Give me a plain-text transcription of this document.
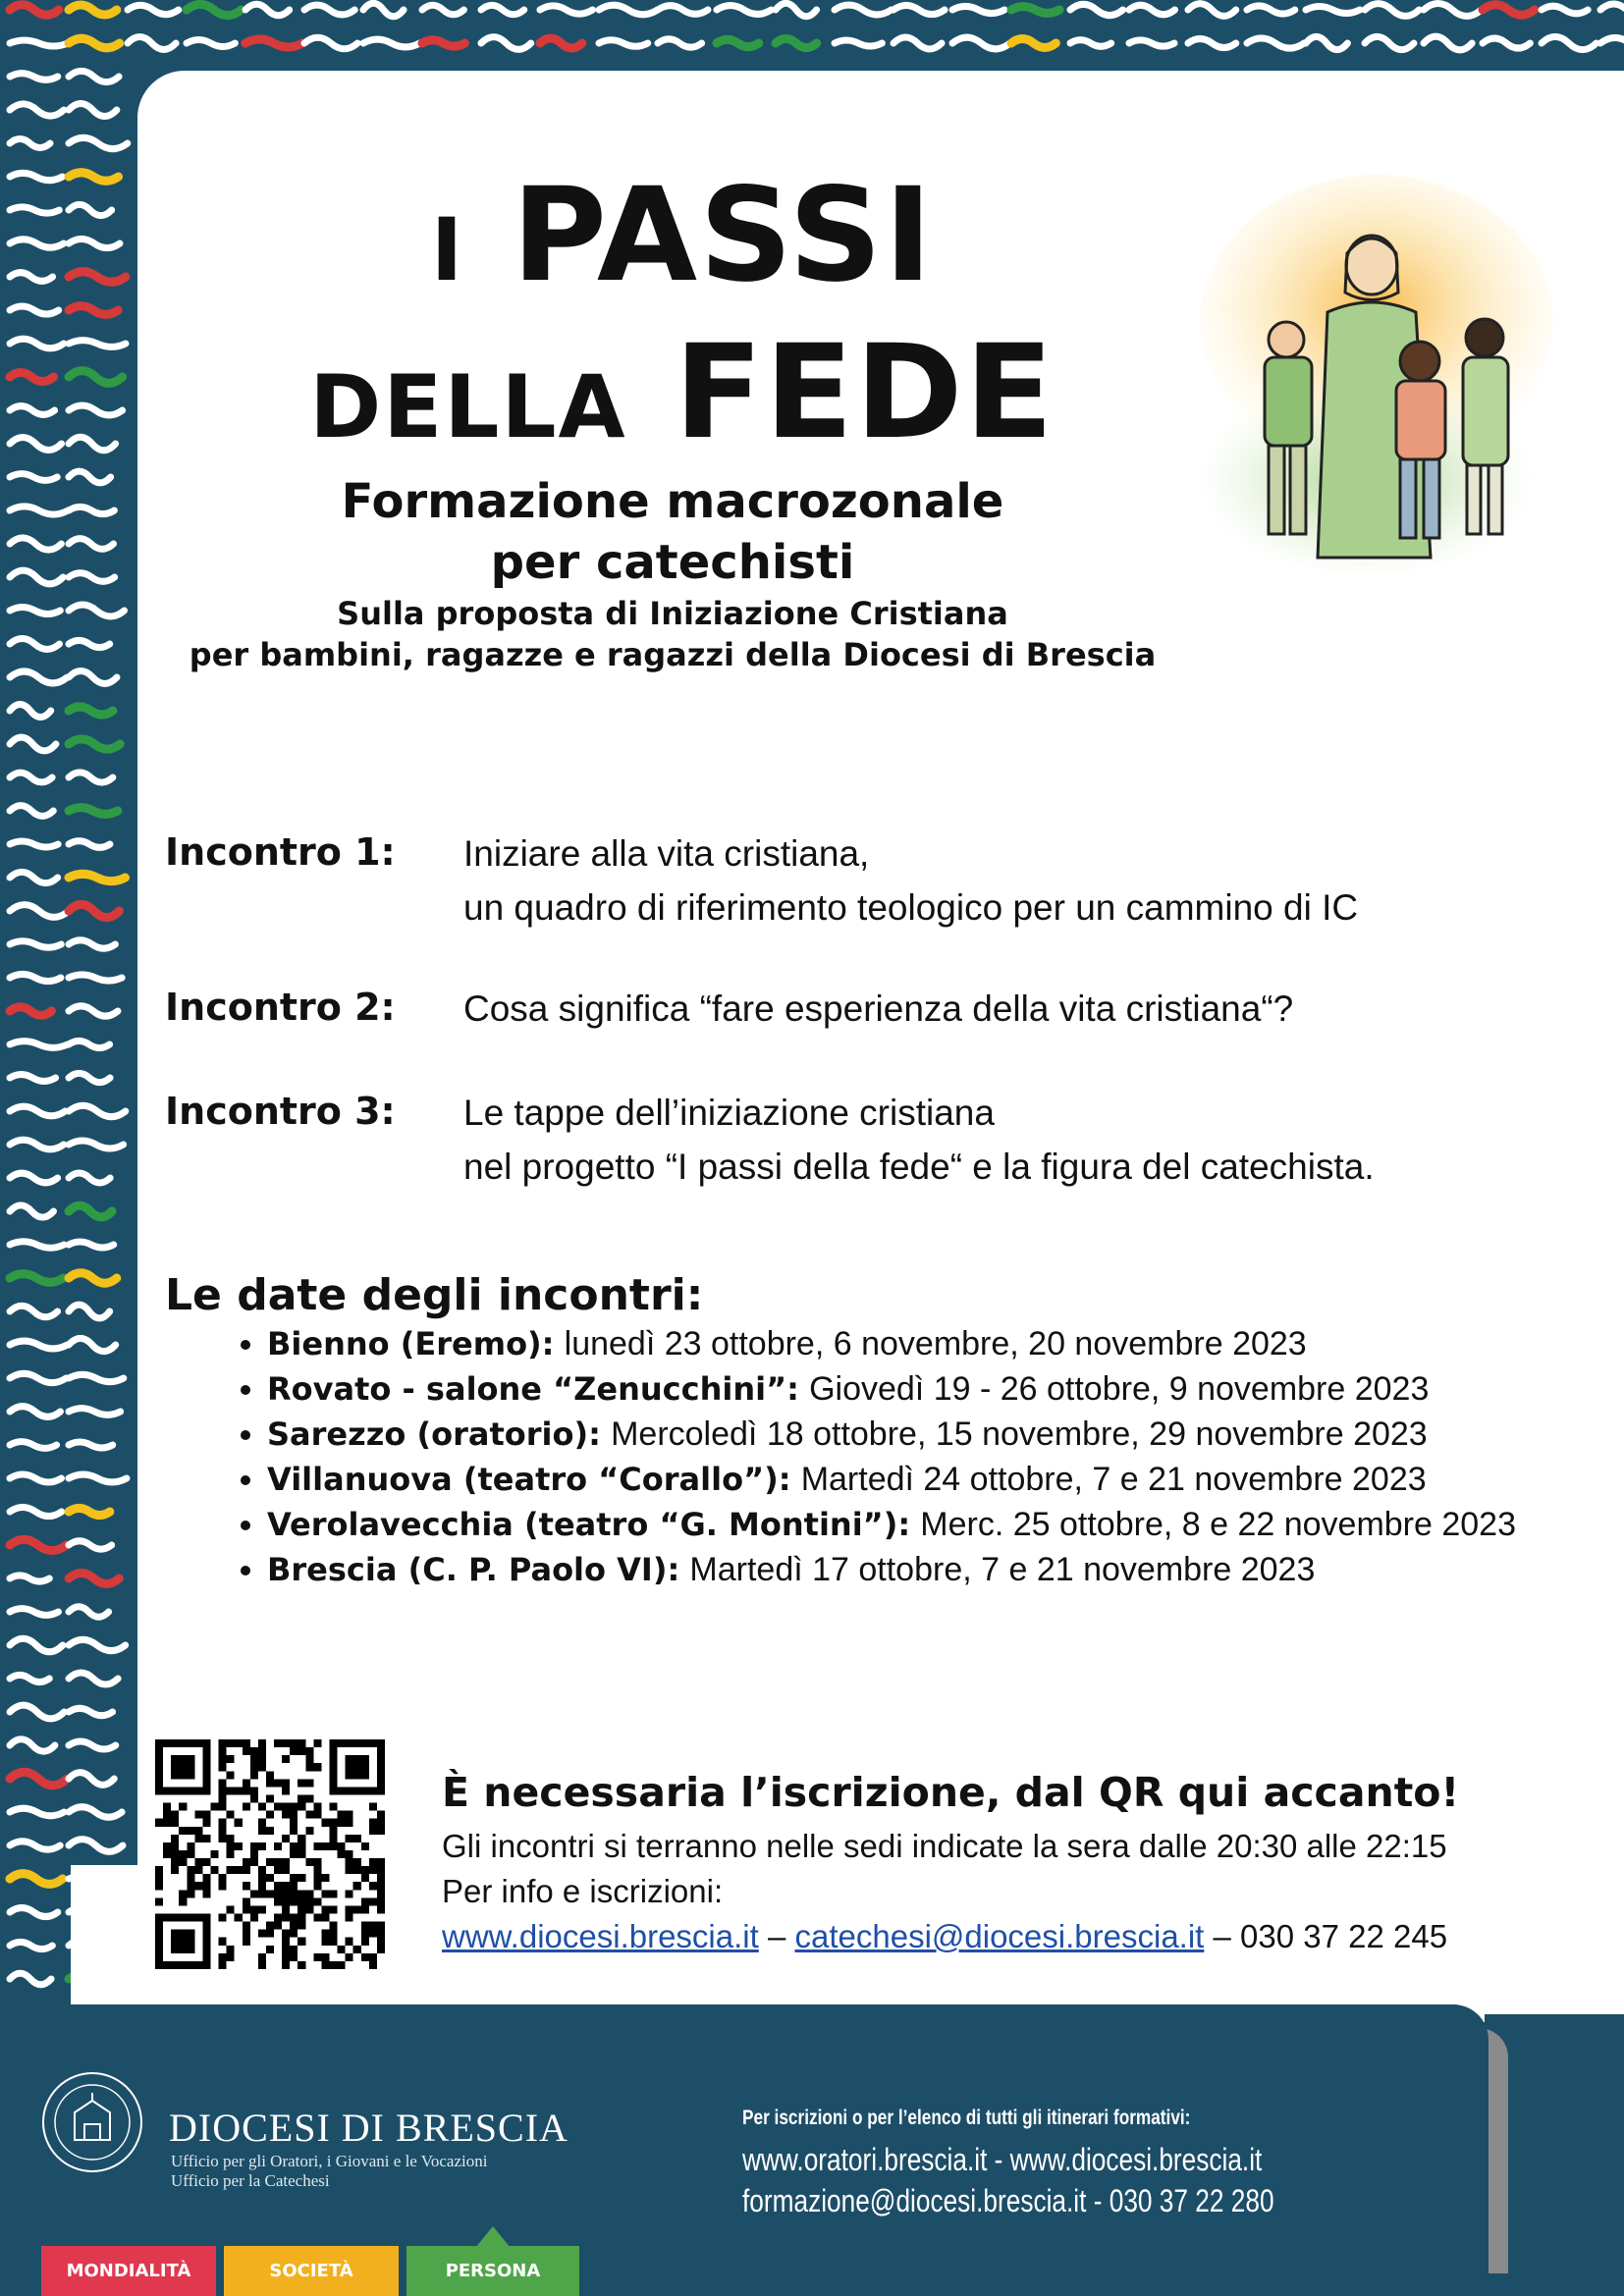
I PASSI
DELLA FEDE
Formazione macrozonale
per catechisti
Sulla proposta di Iniziazione Cristiana
per bambini, ragazze e ragazzi della Diocesi di Brescia
Incontro 1: Iniziare alla vita cristiana,
un quadro di riferimento teologico per un cammino di IC
Incontro 2: Cosa significa “fare esperienza della vita cristiana“?
Incontro 3: Le tappe dell’iniziazione cristiana
nel progetto “I passi della fede“ e la figura del catechista.
Le date degli incontri:
• Bienno (Eremo): lunedì 23 ottobre, 6 novembre, 20 novembre 2023
• Rovato - salone “Zenucchini”: Giovedì 19 - 26 ottobre, 9 novembre 2023
• Sarezzo (oratorio): Mercoledì 18 ottobre, 15 novembre, 29 novembre 2023
• Villanuova (teatro “Corallo”): Martedì 24 ottobre, 7 e 21 novembre 2023
• Verolavecchia (teatro “G. Montini”): Merc. 25 ottobre, 8 e 22 novembre 2023
• Brescia (C. P. Paolo VI): Martedì 17 ottobre, 7 e 21 novembre 2023
È necessaria l’iscrizione, dal QR qui accanto!
Gli incontri si terranno nelle sedi indicate la sera dalle 20:30 alle 22:15
Per info e iscrizioni:
www.diocesi.brescia.it – catechesi@diocesi.brescia.it – 030 37 22 245
DIOCESI DI BRESCIA
Ufficio per gli Oratori, i Giovani e le Vocazioni
Ufficio per la Catechesi
Per iscrizioni o per l’elenco di tutti gli itinerari formativi:
www.oratori.brescia.it - www.diocesi.brescia.it
formazione@diocesi.brescia.it - 030 37 22 280
MONDIALITÀ	SOCIETÀ	PERSONA
